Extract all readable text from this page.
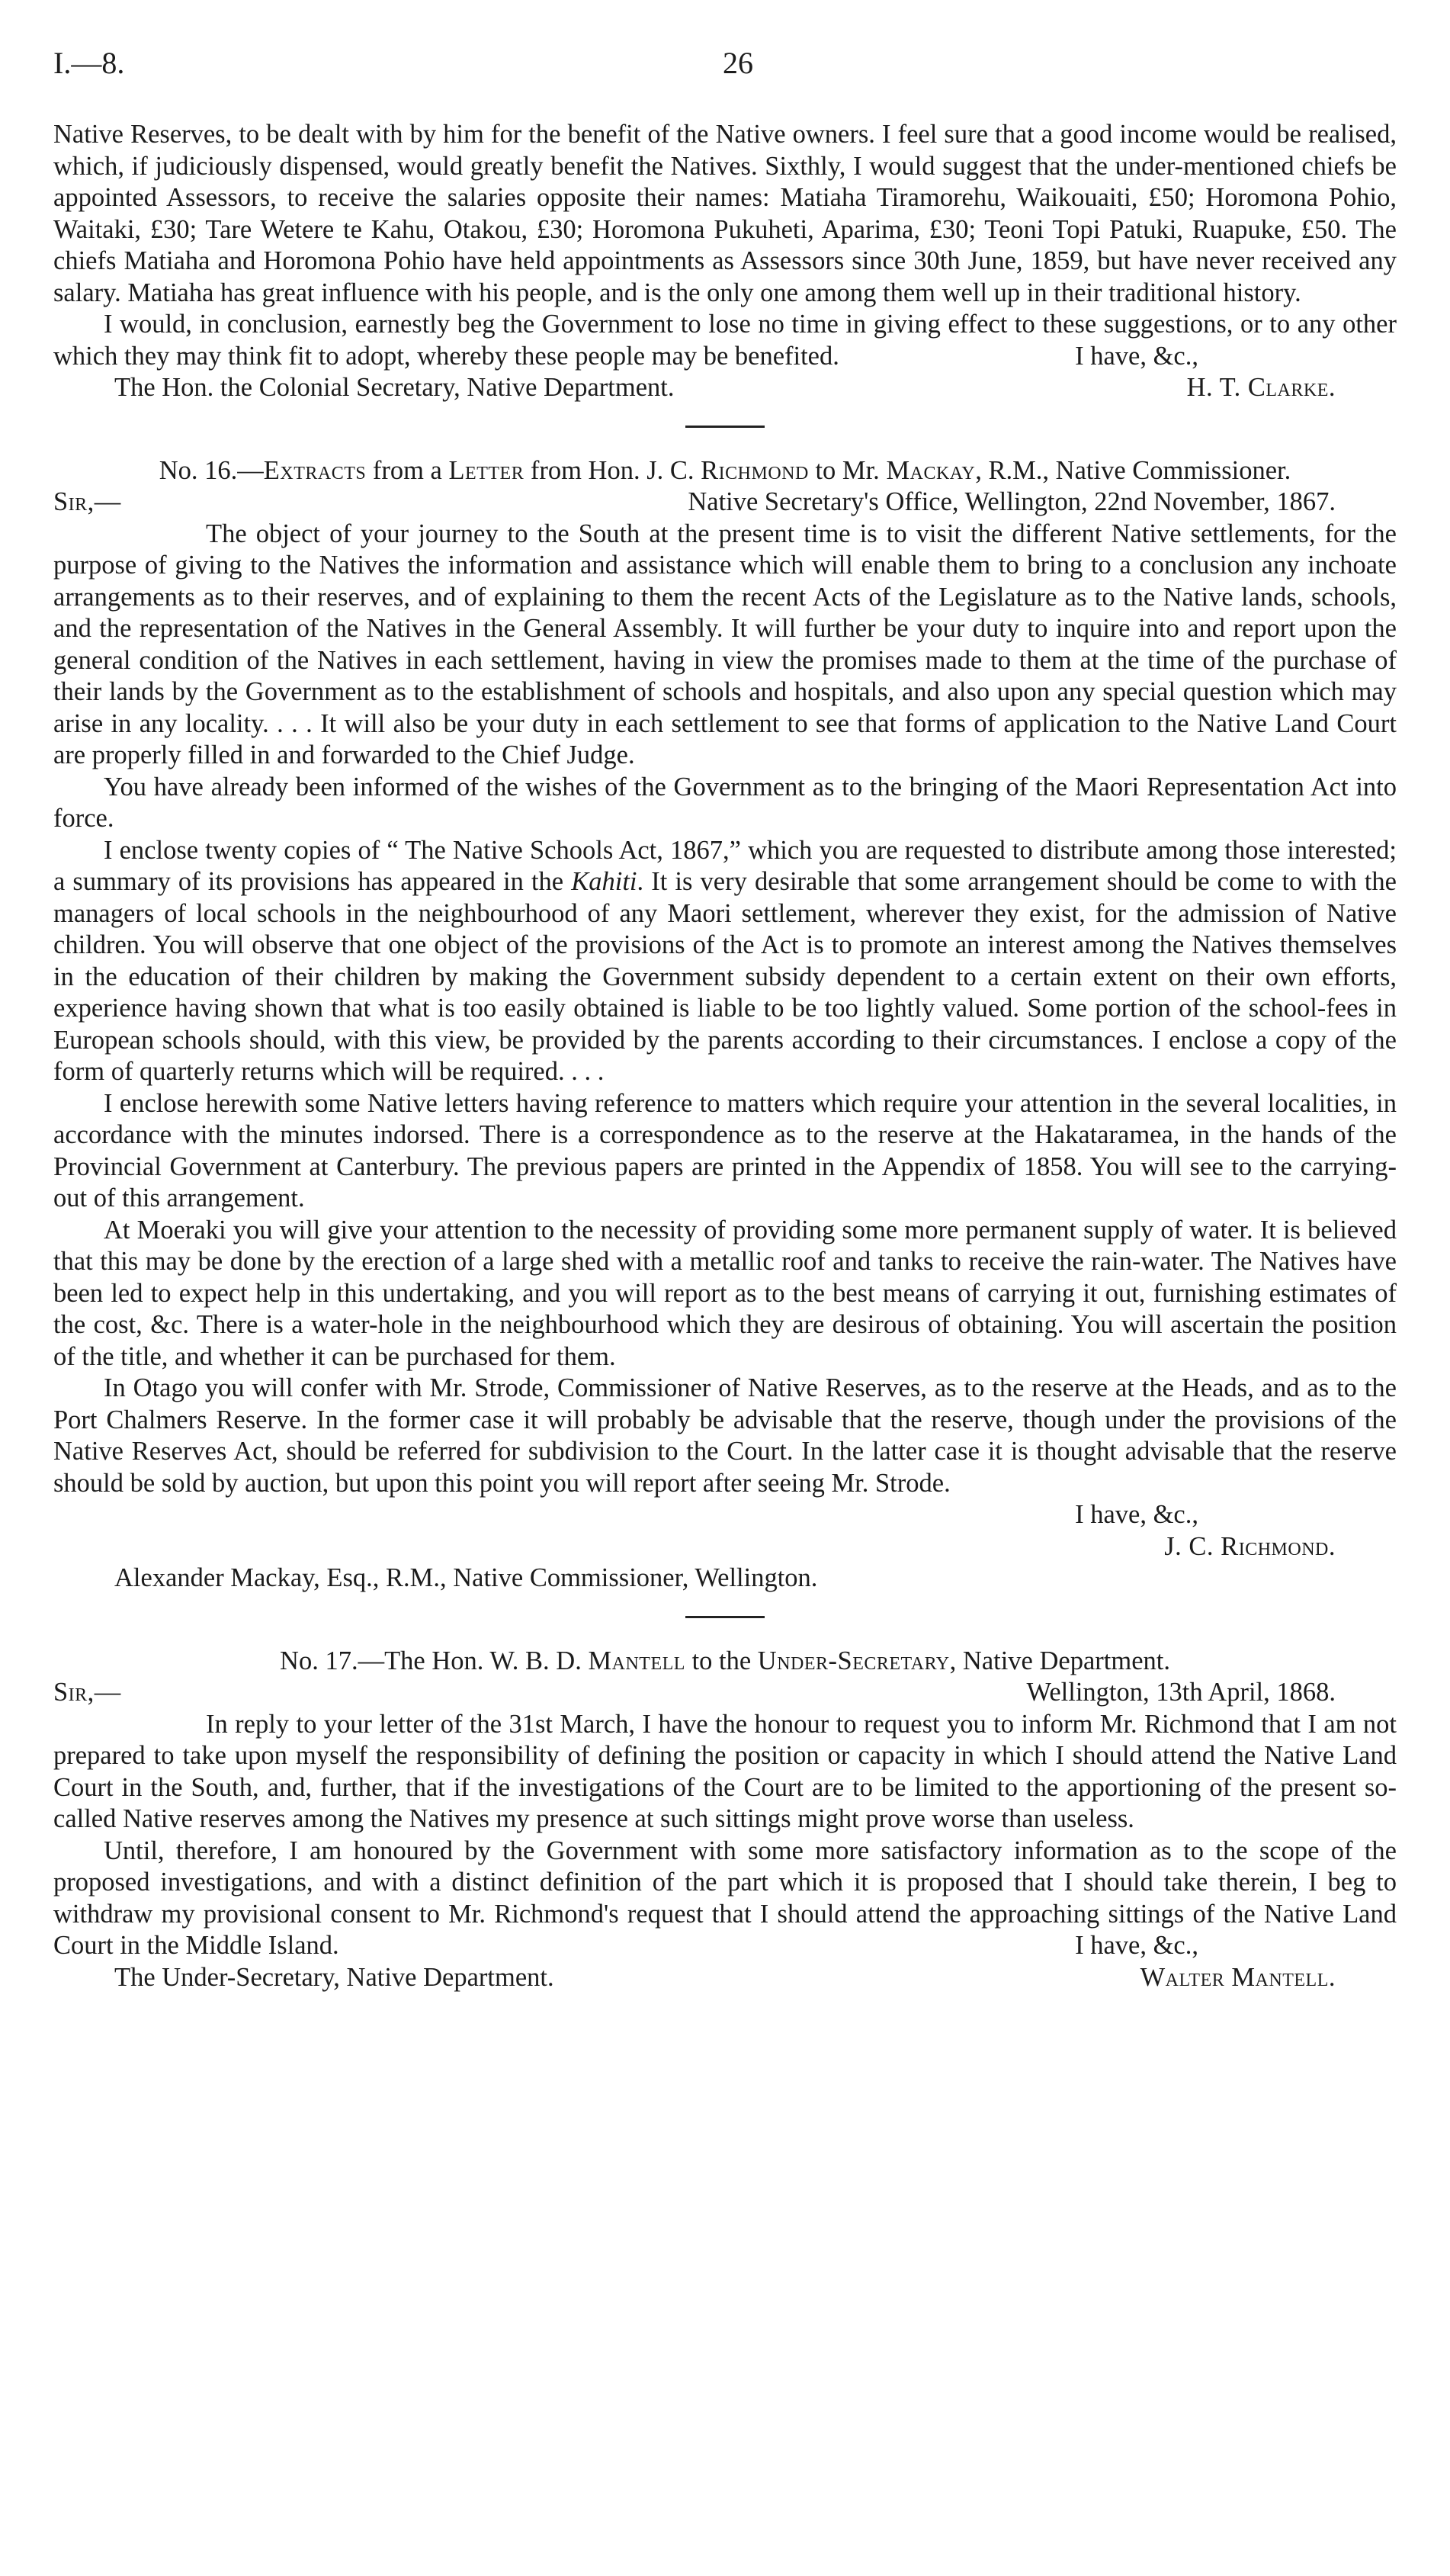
I.—8.	26

Native Reserves, to be dealt with by him for the benefit of the Native owners. I feel sure that a good income would be realised, which, if judiciously dispensed, would greatly benefit the Natives. Sixthly, I would suggest that the under-mentioned chiefs be appointed Assessors, to receive the salaries opposite their names: Matiaha Tiramorehu, Waikouaiti, £50; Horomona Pohio, Waitaki, £30; Tare Wetere te Kahu, Otakou, £30; Horomona Pukuheti, Aparima, £30; Teoni Topi Patuki, Ruapuke, £50. The chiefs Matiaha and Horomona Pohio have held appointments as Assessors since 30th June, 1859, but have never received any salary. Matiaha has great influence with his people, and is the only one among them well up in their traditional history.

I would, in conclusion, earnestly beg the Government to lose no time in giving effect to these suggestions, or to any other which they may think fit to adopt, whereby these people may be benefited.	I have, &c.,
The Hon. the Colonial Secretary, Native Department.	H. T. Clarke.

No. 16.—Extracts from a Letter from Hon. J. C. Richmond to Mr. Mackay, R.M., Native Commissioner.

Sir,—	Native Secretary's Office, Wellington, 22nd November, 1867.

The object of your journey to the South at the present time is to visit the different Native settlements, for the purpose of giving to the Natives the information and assistance which will enable them to bring to a conclusion any inchoate arrangements as to their reserves, and of explaining to them the recent Acts of the Legislature as to the Native lands, schools, and the representation of the Natives in the General Assembly. It will further be your duty to inquire into and report upon the general condition of the Natives in each settlement, having in view the promises made to them at the time of the purchase of their lands by the Government as to the establishment of schools and hospitals, and also upon any special question which may arise in any locality. . . . It will also be your duty in each settlement to see that forms of application to the Native Land Court are properly filled in and forwarded to the Chief Judge.

You have already been informed of the wishes of the Government as to the bringing of the Maori Representation Act into force.

I enclose twenty copies of “ The Native Schools Act, 1867,” which you are requested to distribute among those interested; a summary of its provisions has appeared in the Kahiti. It is very desirable that some arrangement should be come to with the managers of local schools in the neighbourhood of any Maori settlement, wherever they exist, for the admission of Native children. You will observe that one object of the provisions of the Act is to promote an interest among the Natives themselves in the education of their children by making the Government subsidy dependent to a certain extent on their own efforts, experience having shown that what is too easily obtained is liable to be too lightly valued. Some portion of the school-fees in European schools should, with this view, be provided by the parents according to their circumstances. I enclose a copy of the form of quarterly returns which will be required. . . .

I enclose herewith some Native letters having reference to matters which require your attention in the several localities, in accordance with the minutes indorsed. There is a correspondence as to the reserve at the Hakataramea, in the hands of the Provincial Government at Canterbury. The previous papers are printed in the Appendix of 1858. You will see to the carrying-out of this arrangement.

At Moeraki you will give your attention to the necessity of providing some more permanent supply of water. It is believed that this may be done by the erection of a large shed with a metallic roof and tanks to receive the rain-water. The Natives have been led to expect help in this undertaking, and you will report as to the best means of carrying it out, furnishing estimates of the cost, &c. There is a water-hole in the neighbourhood which they are desirous of obtaining. You will ascertain the position of the title, and whether it can be purchased for them.

In Otago you will confer with Mr. Strode, Commissioner of Native Reserves, as to the reserve at the Heads, and as to the Port Chalmers Reserve. In the former case it will probably be advisable that the reserve, though under the provisions of the Native Reserves Act, should be referred for subdivision to the Court. In the latter case it is thought advisable that the reserve should be sold by auction, but upon this point you will report after seeing Mr. Strode.

I have, &c.,
J. C. Richmond.
Alexander Mackay, Esq., R.M., Native Commissioner, Wellington.

No. 17.—The Hon. W. B. D. Mantell to the Under-Secretary, Native Department.

Sir,—	Wellington, 13th April, 1868.

In reply to your letter of the 31st March, I have the honour to request you to inform Mr. Richmond that I am not prepared to take upon myself the responsibility of defining the position or capacity in which I should attend the Native Land Court in the South, and, further, that if the investigations of the Court are to be limited to the apportioning of the present so-called Native reserves among the Natives my presence at such sittings might prove worse than useless.

Until, therefore, I am honoured by the Government with some more satisfactory information as to the scope of the proposed investigations, and with a distinct definition of the part which it is proposed that I should take therein, I beg to withdraw my provisional consent to Mr. Richmond's request that I should attend the approaching sittings of the Native Land Court in the Middle Island.	I have, &c.,
The Under-Secretary, Native Department.	Walter Mantell.
